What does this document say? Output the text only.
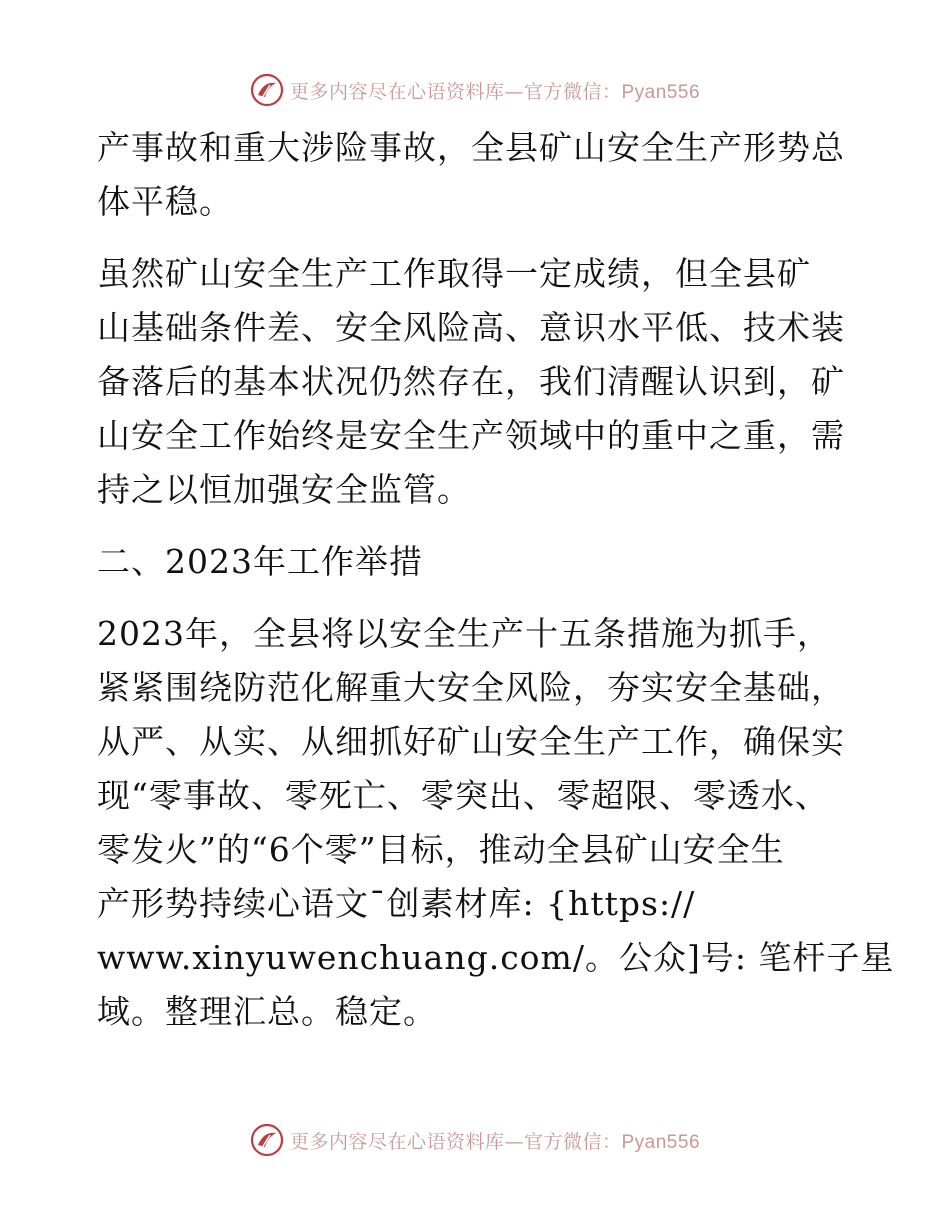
更多内容尽在心语资料库—官方微信：Pyan556
产事故和重大涉险事故，全县矿山安全生产形势总
体平稳。
虽然矿山安全生产工作取得一定成绩，但全县矿
山基础条件差、安全风险高、意识水平低、技术装
备落后的基本状况仍然存在，我们清醒认识到，矿
山安全工作始终是安全生产领域中的重中之重，需
持之以恒加强安全监管。
二、2023年工作举措
2023年，全县将以安全生产十五条措施为抓手，
紧紧围绕防范化解重大安全风险，夯实安全基础，
从严、从实、从细抓好矿山安全生产工作，确保实
现“零事故、零死亡、零突出、零超限、零透水、
零发火”的“6个零”目标，推动全县矿山安全生
产形势持续心语文¯创素材库: {https://
www.xinyuwenchuang.com/。公众]号: 笔杆子星
域。整理汇总。稳定。
更多内容尽在心语资料库—官方微信：Pyan556
